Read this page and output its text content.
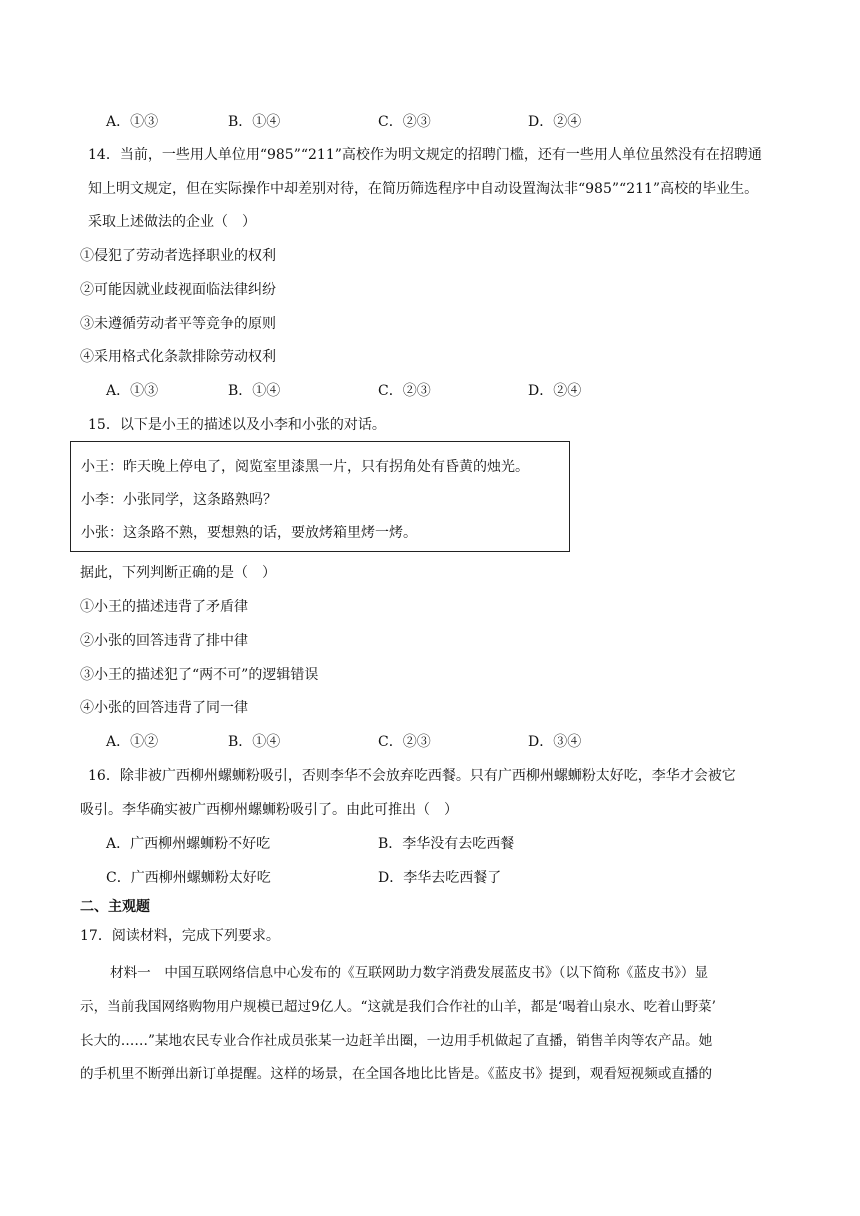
A．①③	B．①④	C．②③	D．②④
14．当前，一些用人单位用“985”“211”高校作为明文规定的招聘门槛，还有一些用人单位虽然没有在招聘通
知上明文规定，但在实际操作中却差别对待，在简历筛选程序中自动设置淘汰非“985”“211”高校的毕业生。
采取上述做法的企业（　）
①侵犯了劳动者选择职业的权利
②可能因就业歧视面临法律纠纷
③未遵循劳动者平等竞争的原则
④采用格式化条款排除劳动权利
A．①③	B．①④	C．②③	D．②④
15．以下是小王的描述以及小李和小张的对话。
小王：昨天晚上停电了，阅览室里漆黑一片，只有拐角处有昏黄的烛光。
小李：小张同学，这条路熟吗？
小张：这条路不熟，要想熟的话，要放烤箱里烤一烤。
据此，下列判断正确的是（　）
①小王的描述违背了矛盾律
②小张的回答违背了排中律
③小王的描述犯了“两不可”的逻辑错误
④小张的回答违背了同一律
A．①②	B．①④	C．②③	D．③④
16．除非被广西柳州螺蛳粉吸引，否则李华不会放弃吃西餐。只有广西柳州螺蛳粉太好吃，李华才会被它
吸引。李华确实被广西柳州螺蛳粉吸引了。由此可推出（　）
A．广西柳州螺蛳粉不好吃	B．李华没有去吃西餐
C．广西柳州螺蛳粉太好吃	D．李华去吃西餐了
二、主观题
17．阅读材料，完成下列要求。
材料一　中国互联网络信息中心发布的《互联网助力数字消费发展蓝皮书》（以下简称《蓝皮书》）显
示，当前我国网络购物用户规模已超过9亿人。“这就是我们合作社的山羊，都是‘喝着山泉水、吃着山野菜’
长大的……”某地农民专业合作社成员张某一边赶羊出圈，一边用手机做起了直播，销售羊肉等农产品。她
的手机里不断弹出新订单提醒。这样的场景，在全国各地比比皆是。《蓝皮书》提到，观看短视频或直播的
